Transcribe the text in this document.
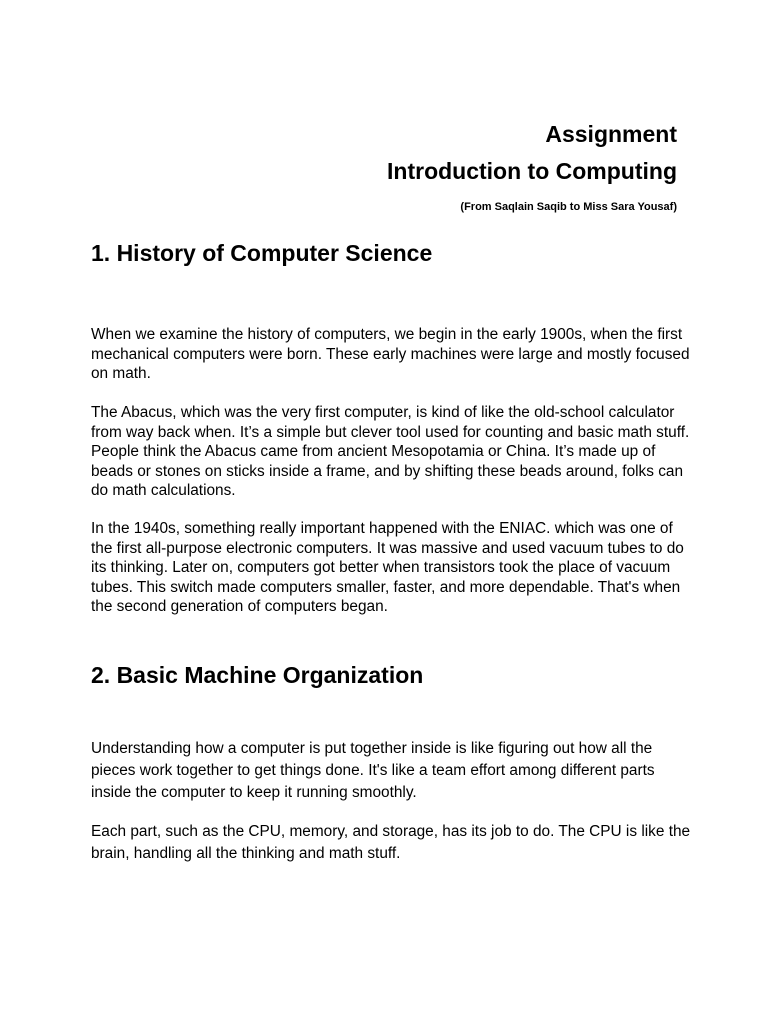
Assignment

Introduction to Computing

(From Saqlain Saqib to Miss Sara Yousaf)

1. History of Computer Science

When we examine the history of computers, we begin in the early 1900s, when the first mechanical computers were born. These early machines were large and mostly focused on math.

The Abacus, which was the very first computer, is kind of like the old-school calculator from way back when. It’s a simple but clever tool used for counting and basic math stuff. People think the Abacus came from ancient Mesopotamia or China. It’s made up of beads or stones on sticks inside a frame, and by shifting these beads around, folks can do math calculations.

In the 1940s, something really important happened with the ENIAC. which was one of the first all-purpose electronic computers. It was massive and used vacuum tubes to do its thinking. Later on, computers got better when transistors took the place of vacuum tubes. This switch made computers smaller, faster, and more dependable. That's when the second generation of computers began.

2. Basic Machine Organization

Understanding how a computer is put together inside is like figuring out how all the pieces work together to get things done. It's like a team effort among different parts inside the computer to keep it running smoothly.

Each part, such as the CPU, memory, and storage, has its job to do. The CPU is like the brain, handling all the thinking and math stuff.
